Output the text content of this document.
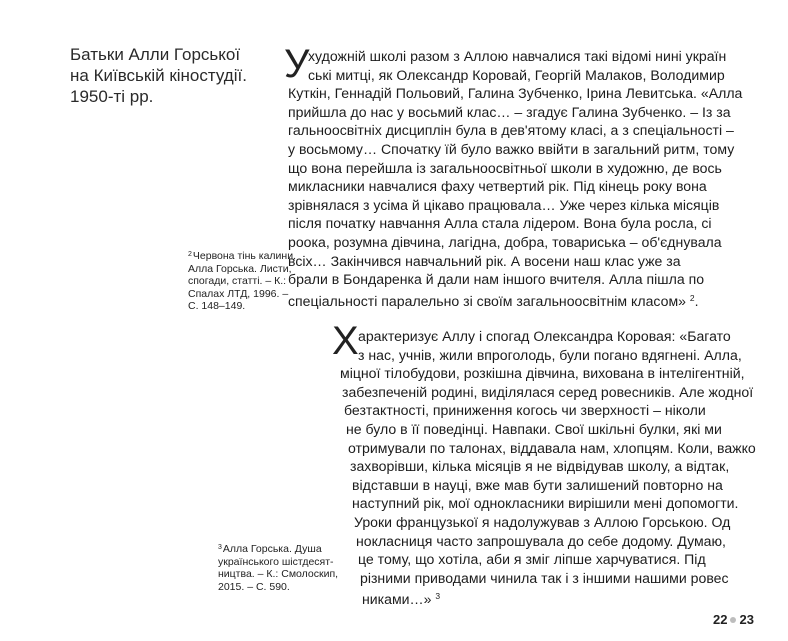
Батьки Алли Горської
на Київській кіностудії.
1950-ті рр.
$^2$Червона тінь калини.
Алла Горська. Листи,
спогади, статті. – К.:
Спалах ЛТД, 1996. –
С. 148–149.
$^3$Алла Горська. Душа
українського шістдесят-
ництва. – К.: Смолоскип,
2015. – С. 590.
У
художній школі разом з Аллою навчалися такі відомі нині україн
ські митці, як Олександр Коровай, Георгій Малаков, Володимир
Куткін, Геннадій Польовий, Галина Зубченко, Ірина Левитська. «Алла
прийшла до нас у восьмий клас… – згадує Галина Зубченко. – Із за
гальноосвітніх дисциплін була в дев'ятому класі, а з спеціальності –
у восьмому… Спочатку їй було важко ввійти в загальний ритм, тому
що вона перейшла із загальноосвітньої школи в художню, де вось
микласники навчалися фаху четвертий рік. Під кінець року вона
зрівнялася з усіма й цікаво працювала… Уже через кілька місяців
після початку навчання Алла стала лідером. Вона була росла, сі
роока, розумна дівчина, лагідна, добра, товариська – об'єднувала
всіх… Закінчився навчальний рік. А восени наш клас уже за
брали в Бондаренка й дали нам іншого вчителя. Алла пішла по
спеціальності паралельно зі своїм загальноосвітнім класом» $^2$.
Х арактеризує Аллу і спогад Олександра Коровая: «Багато
з нас, учнів, жили впроголодь, були погано вдягнені. Алла,
міцної тілобудови, розкішна дівчина, вихована в інтелігентній,
забезпеченій родині, виділялася серед ровесників. Але жодної
безтактності, приниження когось чи зверхності – ніколи
не було в її поведінці. Навпаки. Свої шкільні булки, які ми
отримували по талонах, віддавала нам, хлопцям. Коли, важко
захворівши, кілька місяців я не відвідував школу, а відтак,
відставши в науці, вже мав бути залишений повторно на
наступний рік, мої однокласники вирішили мені допомогти.
Уроки французької я надолужував з Аллою Горською. Од
нокласниця часто запрошувала до себе додому. Думаю,
це тому, що хотіла, аби я зміг ліпше харчуватися. Під
різними приводами чинила так і з іншими нашими ровес
никами…» $^3$
22 23
